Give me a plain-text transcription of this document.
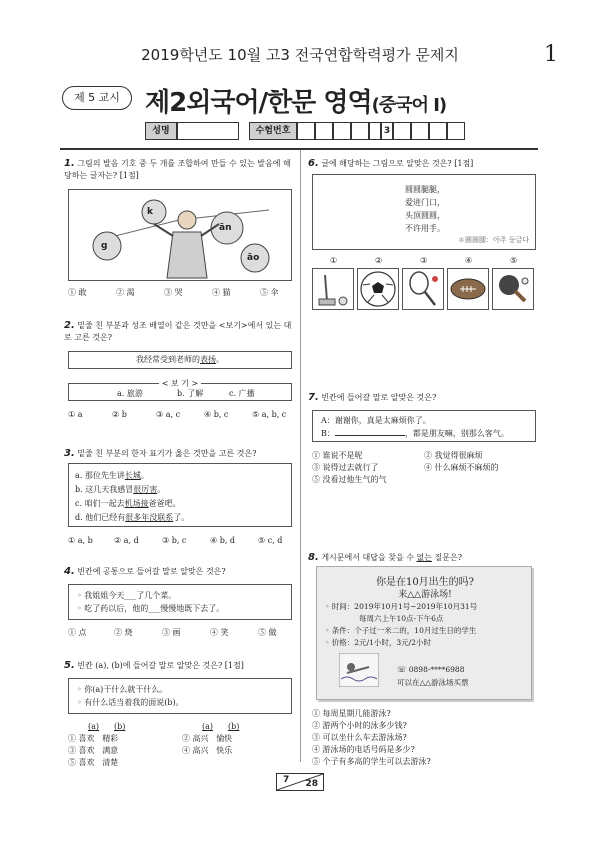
2019학년도 10월 고3 전국연합학력평가 문제지	1
제 5 교시 제2외국어/한문 영역(중국어 Ⅰ)
성명	수험번호	3
1. 그림의 발음 기호 중 두 개를 조합하여 만들 수 있는 발음에 해당하는 글자는? [1점]
k
ān
g
āo
① 敢	② 渴	③ 哭	④ 猫	⑤ 伞
2. 밑줄 친 부분과 성조 배열이 같은 것만을 <보기>에서 있는 대로 고른 것은?
我经常受到老师的表扬。
< 보 기 >
a. 旅游	b. 了解	c. 广播
① a	② b	③ a, c	④ b, c	⑤ a, b, c
3. 밑줄 친 부분의 한자 표기가 옳은 것만을 고른 것은?
a. 那位先生讲长城。
b. 这几天我感冒很厉害。
c. 咱们一起去机场接爸爸吧。
d. 他们已经有很多年没联系了。
① a, b	② a, d	③ b, c	④ b, d	⑤ c, d
4. 빈칸에 공통으로 들어갈 말로 알맞은 것은?
◦ 我姐姐今天___了几个菜。
◦ 吃了药以后，他的___慢慢地既下去了。
① 点	② 烧	③ 画	④ 笑	⑤ 做
5. 빈칸 (a), (b)에 들어갈 말로 알맞은 것은? [1점]
◦ 你(a)干什么就干什么。
◦ 有什么话当着我的面说(b)。
(a) (b)	(a) (b)
① 喜欢 精彩	② 高兴 愉快
③ 喜欢 满意	④ 高兴 快乐
⑤ 喜欢 清楚
6. 글에 해당하는 그림으로 알맞은 것은? [1점]
圆圆腿腿，
爱进门口，
头顶圆圆，
不许用手。
＊圆圆腿：아주 둥글다
①	②	③	④	⑤
7. 빈칸에 들어갈 말로 알맞은 것은?
A：谢谢你，真是太麻烦你了。
B：	，都是朋友嘛，别那么客气。
① 谁说不是呢	② 我觉得很麻烦
③ 说得过去就行了	④ 什么麻烦不麻烦的
⑤ 没看过他生气的气
8. 게시문에서 대답을 찾을 수 없는 질문은?
你是在10月出生的吗?
来△△游泳场!
◦ 时间：2019年10月1号~2019年10月31号
每周六上午10点-下午6点
◦ 条件：个子过一米二的，10月过生日的学生
◦ 价格：2元/1小时，3元/2小时
☏ 0898-****6988
可以在△△游泳场买票
① 每周星期几能游泳?
② 游两个小时的泳多少钱?
③ 可以坐什么车去游泳场?
④ 游泳场的电话号码是多少?
⑤ 个子有多高的学生可以去游泳?
7 28
